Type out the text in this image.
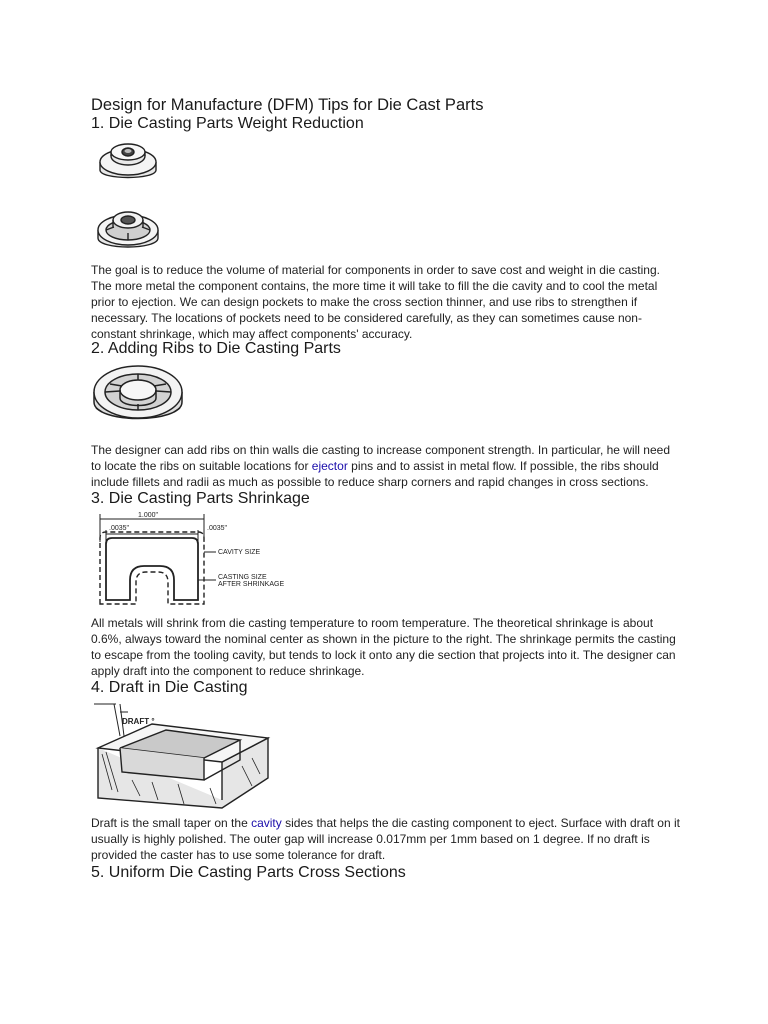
Design for Manufacture (DFM) Tips for Die Cast Parts
1. Die Casting Parts Weight Reduction

The goal is to reduce the volume of material for components in order to save cost and weight in die casting.

The more metal the component contains, the more time it will take to fill the die cavity and to cool the metal

prior to ejection. We can design pockets to make the cross section thinner, and use ribs to strengthen if

necessary. The locations of pockets need to be considered carefully, as they can sometimes cause non-

constant shrinkage, which may affect components' accuracy.

2. Adding Ribs to Die Casting Parts

The designer can add ribs on thin walls die casting to increase component strength. In particular, he will need

to locate the ribs on suitable locations for ejector pins and to assist in metal flow. If possible, the ribs should

include fillets and radii as much as possible to reduce sharp corners and rapid changes in cross sections.

3. Die Casting Parts Shrinkage
1.000"
.0035"	.0035"
CAVITY SIZE
CASTING SIZE
AFTER SHRINKAGE

All metals will shrink from die casting temperature to room temperature. The theoretical shrinkage is about

0.6%, always toward the nominal center as shown in the picture to the right. The shrinkage permits the casting

to escape from the tooling cavity, but tends to lock it onto any die section that projects into it. The designer can

apply draft into the component to reduce shrinkage.

4. Draft in Die Casting
DRAFT °

Draft is the small taper on the cavity sides that helps the die casting component to eject. Surface with draft on it

usually is highly polished. The outer gap will increase 0.017mm per 1mm based on 1 degree. If no draft is

provided the caster has to use some tolerance for draft.

5. Uniform Die Casting Parts Cross Sections
